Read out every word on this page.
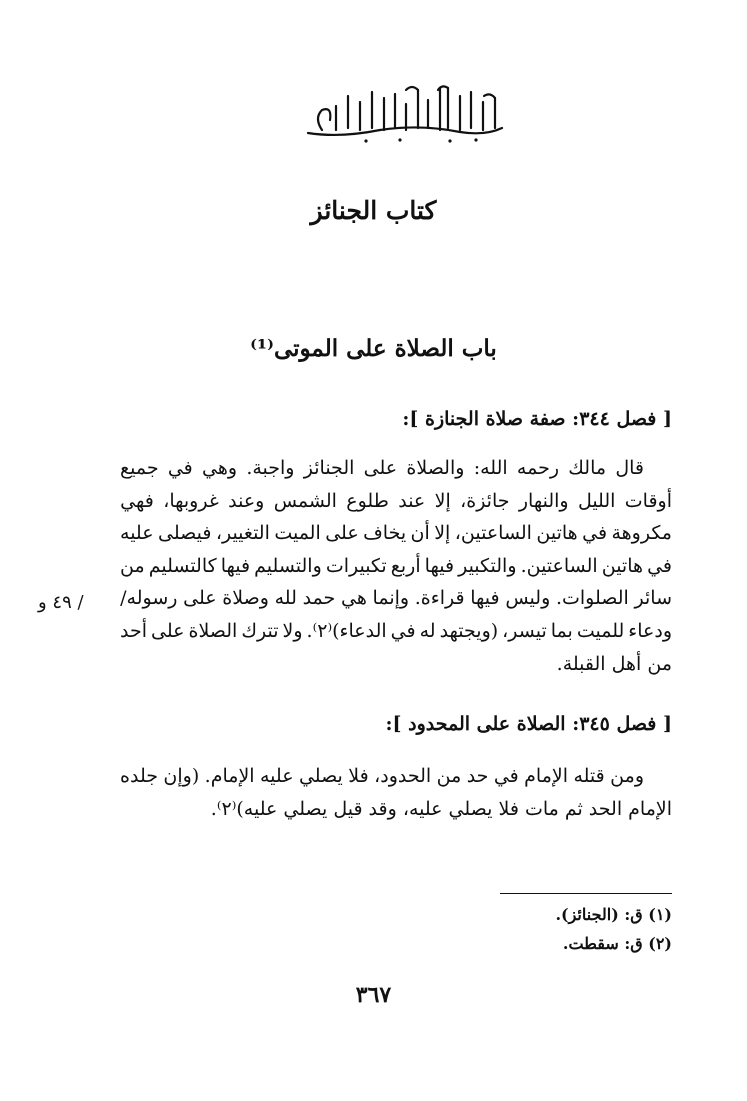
بسم الله الرحمن الرحيم
كتاب الجنائز
باب الصلاة على الموتى⁽¹⁾
[ فصل ٣٤٤: صفة صلاة الجنازة ]:
قال
مالك
رحمه
الله:
والصلاة
على
الجنائز
واجبة.
وهي
في
جميع
أوقات
الليل
والنهار
جائزة،
إلا
عند
طلوع
الشمس
وعند
غروبها،
فهي
مكروهة
في
هاتين
الساعتين،
إلا
أن
يخاف
على
الميت
التغيير،
فيصلى
عليه
في
هاتين
الساعتين.
والتكبير
فيها
أربع
تكبيرات
والتسليم
فيها
كالتسليم
من
سائر
الصلوات.
وليس
فيها
قراءة.
وإنما
هي
حمد
لله
وصلاة
على
رسوله/
ودعاء
للميت
بما
تيسر،
(ويجتهد
له
في
الدعاء)⁽٢⁾.
ولا
تترك
الصلاة
على
أحد
من أهل القبلة.
/ ٤٩ و
[ فصل ٣٤٥: الصلاة على المحدود ]:
ومن
قتله
الإمام
في
حد
من
الحدود،
فلا
يصلي
عليه
الإمام.
(وإن
جلده
الإمام الحد ثم مات فلا يصلي عليه، وقد قيل يصلي عليه)⁽٢⁾.
(١) ق: (الجنائز).
(٢) ق: سقطت.
٣٦٧
